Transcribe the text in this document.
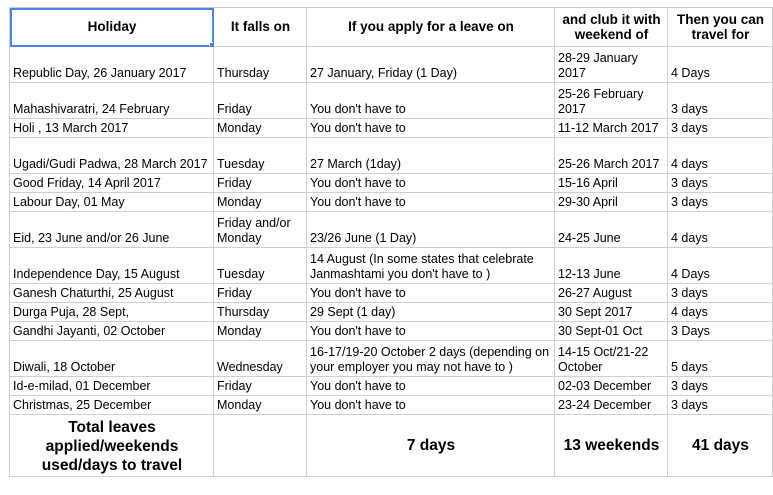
Holiday	It falls on	If you apply for a leave on	and club it with weekend of	Then you can travel for
Republic Day, 26 January 2017	Thursday	27 January, Friday (1 Day)	28-29 January 2017	4 Days
Mahashivaratri, 24 February	Friday	You don't have to	25-26 February 2017	3 days
Holi , 13 March 2017	Monday	You don't have to	11-12 March 2017	3 days
Ugadi/Gudi Padwa, 28 March 2017	Tuesday	27 March (1day)	25-26 March 2017	4 days
Good Friday, 14 April 2017	Friday	You don't have to	15-16 April	3 days
Labour Day, 01 May	Monday	You don't have to	29-30 April	3 days
Eid, 23 June and/or 26 June	Friday and/or Monday	23/26 June (1 Day)	24-25 June	4 days
Independence Day, 15 August	Tuesday	14 August (In some states that celebrate Janmashtami you don't have to )	12-13 June	4 Days
Ganesh Chaturthi, 25 August	Friday	You don't have to	26-27 August	3 days
Durga Puja, 28 Sept,	Thursday	29 Sept (1 day)	30 Sept 2017	4 days
Gandhi Jayanti, 02 October	Monday	You don't have to	30 Sept-01 Oct	3 Days
Diwali, 18 October	Wednesday	16-17/19-20 October 2 days (depending on your employer you may not have to )	14-15 Oct/21-22 October	5 days
Id-e-milad, 01 December	Friday	You don't have to	02-03 December	3 days
Christmas, 25 December	Monday	You don't have to	23-24 December	3 days
Total leaves applied/weekends used/days to travel		7 days	13 weekends	41 days
